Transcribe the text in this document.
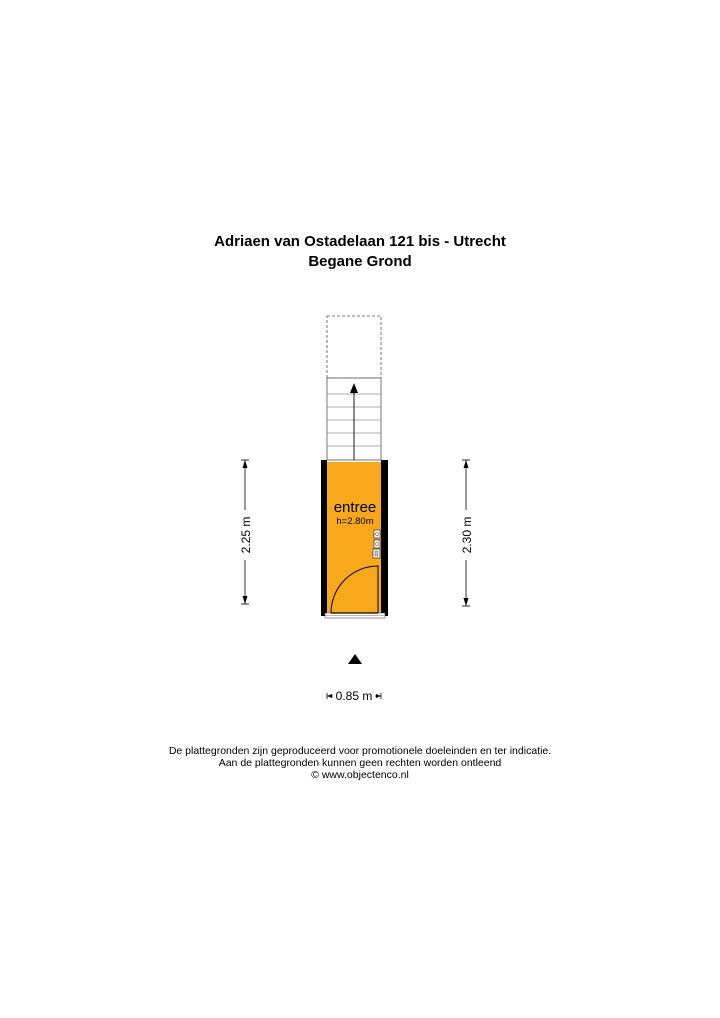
Adriaen van Ostadelaan 121 bis - Utrecht
Begane Grond
entree
h=2.80m
2.25 m	2.30 m
0.85 m
De plattegronden zijn geproduceerd voor promotionele doeleinden en ter indicatie.
Aan de plattegronden kunnen geen rechten worden ontleend
© www.objectenco.nl
